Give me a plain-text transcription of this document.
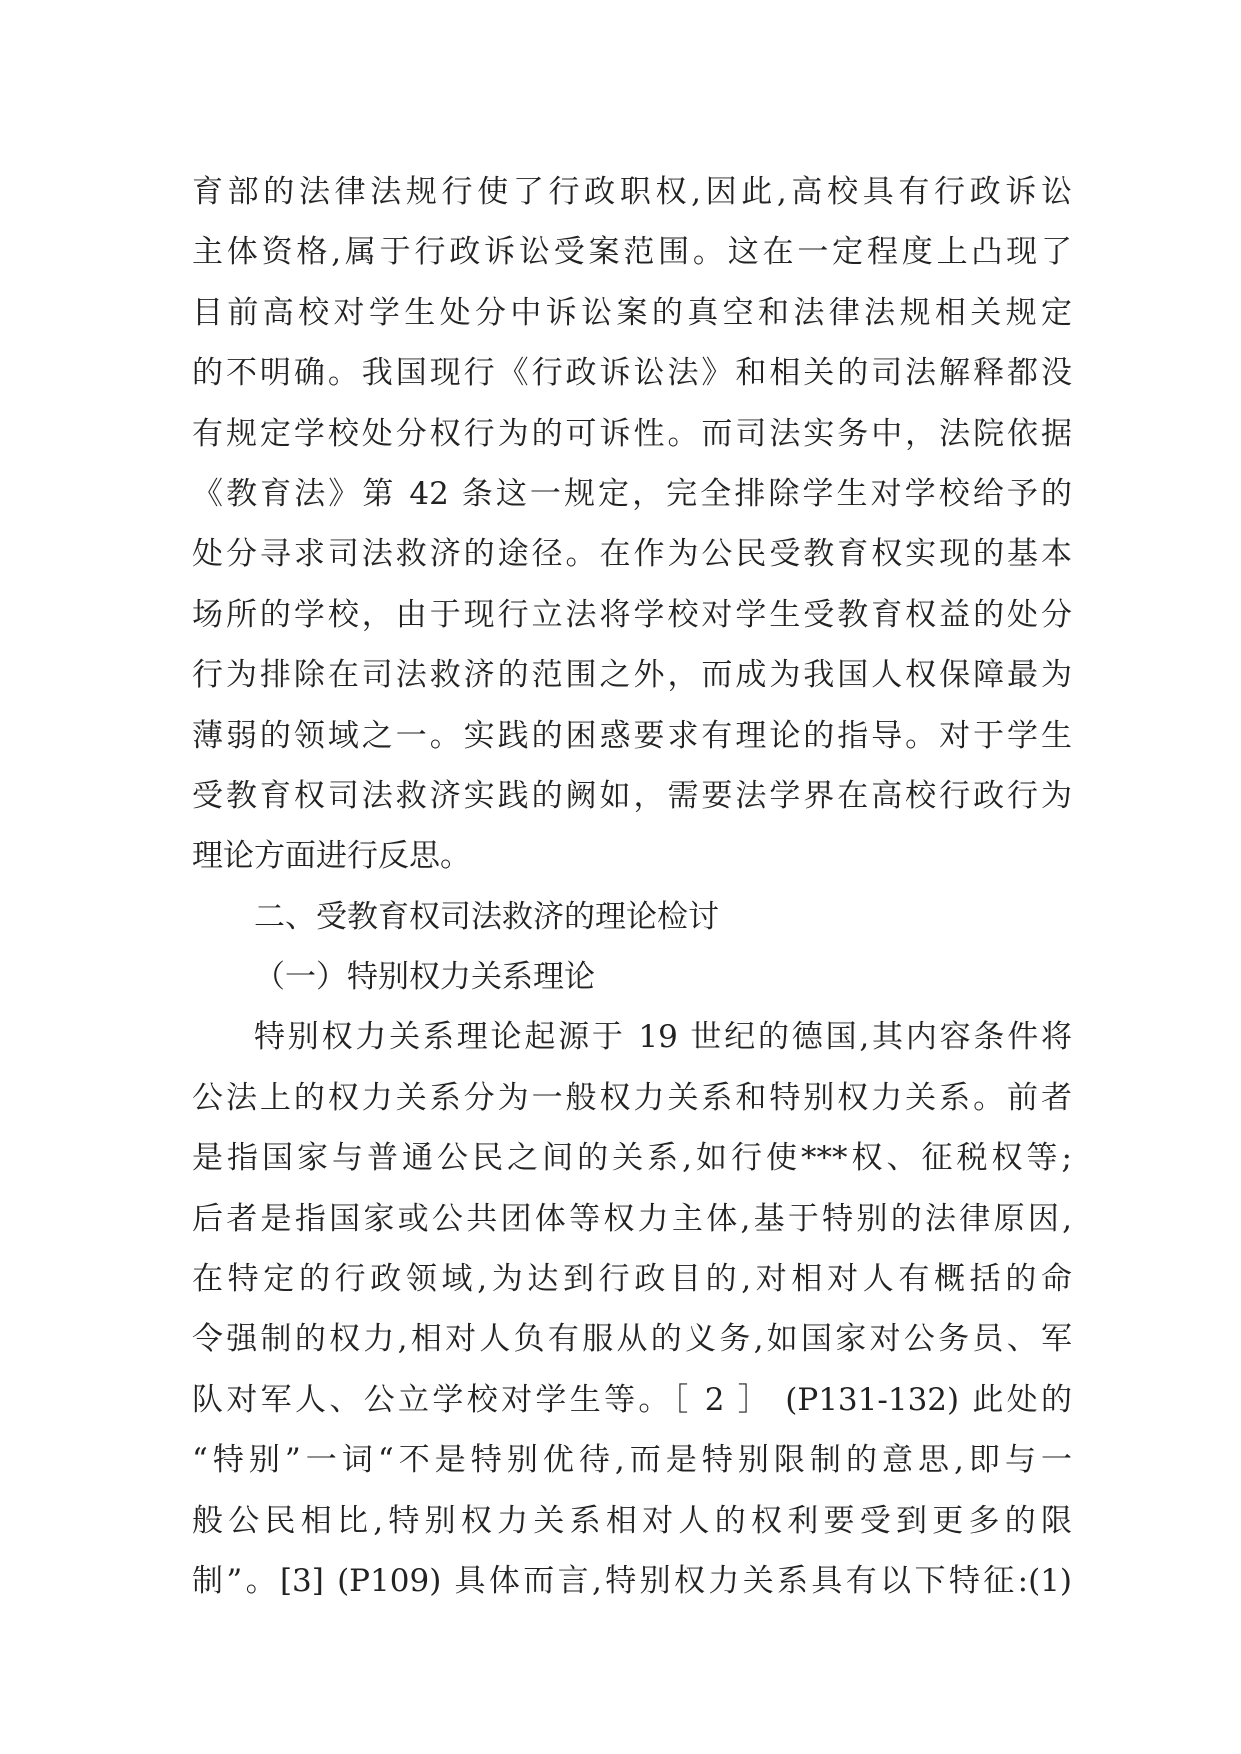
育部的法律法规行使了行政职权,因此,高校具有行政诉讼
主体资格,属于行政诉讼受案范围。这在一定程度上凸现了
目前高校对学生处分中诉讼案的真空和法律法规相关规定
的不明确。我国现行《行政诉讼法》和相关的司法解释都没
有规定学校处分权行为的可诉性。而司法实务中，法院依据
《教育法》第 42 条这一规定，完全排除学生对学校给予的
处分寻求司法救济的途径。在作为公民受教育权实现的基本
场所的学校，由于现行立法将学校对学生受教育权益的处分
行为排除在司法救济的范围之外，而成为我国人权保障最为
薄弱的领域之一。实践的困惑要求有理论的指导。对于学生
受教育权司法救济实践的阙如，需要法学界在高校行政行为
理论方面进行反思。
二、受教育权司法救济的理论检讨
（一）特别权力关系理论
特别权力关系理论起源于 19 世纪的德国,其内容条件将
公法上的权力关系分为一般权力关系和特别权力关系。前者
是指国家与普通公民之间的关系,如行使***权、征税权等;
后者是指国家或公共团体等权力主体,基于特别的法律原因,
在特定的行政领域,为达到行政目的,对相对人有概括的命
令强制的权力,相对人负有服从的义务,如国家对公务员、军
队对军人、公立学校对学生等。［ 2 ］ (P131-132) 此处的
“特别”一词“不是特别优待,而是特别限制的意思,即与一
般公民相比,特别权力关系相对人的权利要受到更多的限
制”。[3] (P109) 具体而言,特别权力关系具有以下特征:(1)
